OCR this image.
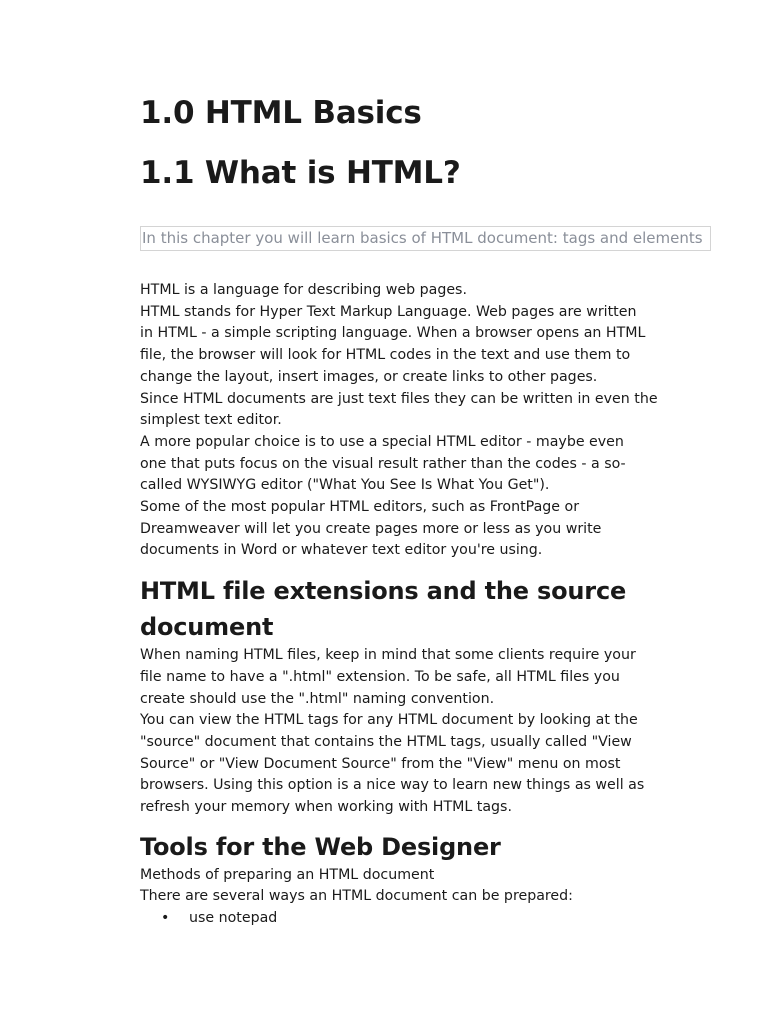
1.0 HTML Basics
1.1 What is HTML?
In this chapter you will learn basics of HTML document: tags and elements

HTML is a language for describing web pages.

HTML stands for Hyper Text Markup Language. Web pages are written

in HTML - a simple scripting language. When a browser opens an HTML

file, the browser will look for HTML codes in the text and use them to

change the layout, insert images, or create links to other pages.

Since HTML documents are just text files they can be written in even the

simplest text editor.

A more popular choice is to use a special HTML editor - maybe even

one that puts focus on the visual result rather than the codes - a so-

called WYSIWYG editor ("What You See Is What You Get").

Some of the most popular HTML editors, such as FrontPage or

Dreamweaver will let you create pages more or less as you write

documents in Word or whatever text editor you're using.

HTML file extensions and the source
document

When naming HTML files, keep in mind that some clients require your

file name to have a ".html" extension. To be safe, all HTML files you

create should use the ".html" naming convention.

You can view the HTML tags for any HTML document by looking at the

"source" document that contains the HTML tags, usually called "View

Source" or "View Document Source" from the "View" menu on most

browsers. Using this option is a nice way to learn new things as well as

refresh your memory when working with HTML tags.

Tools for the Web Designer

Methods of preparing an HTML document

There are several ways an HTML document can be prepared:

• use notepad
